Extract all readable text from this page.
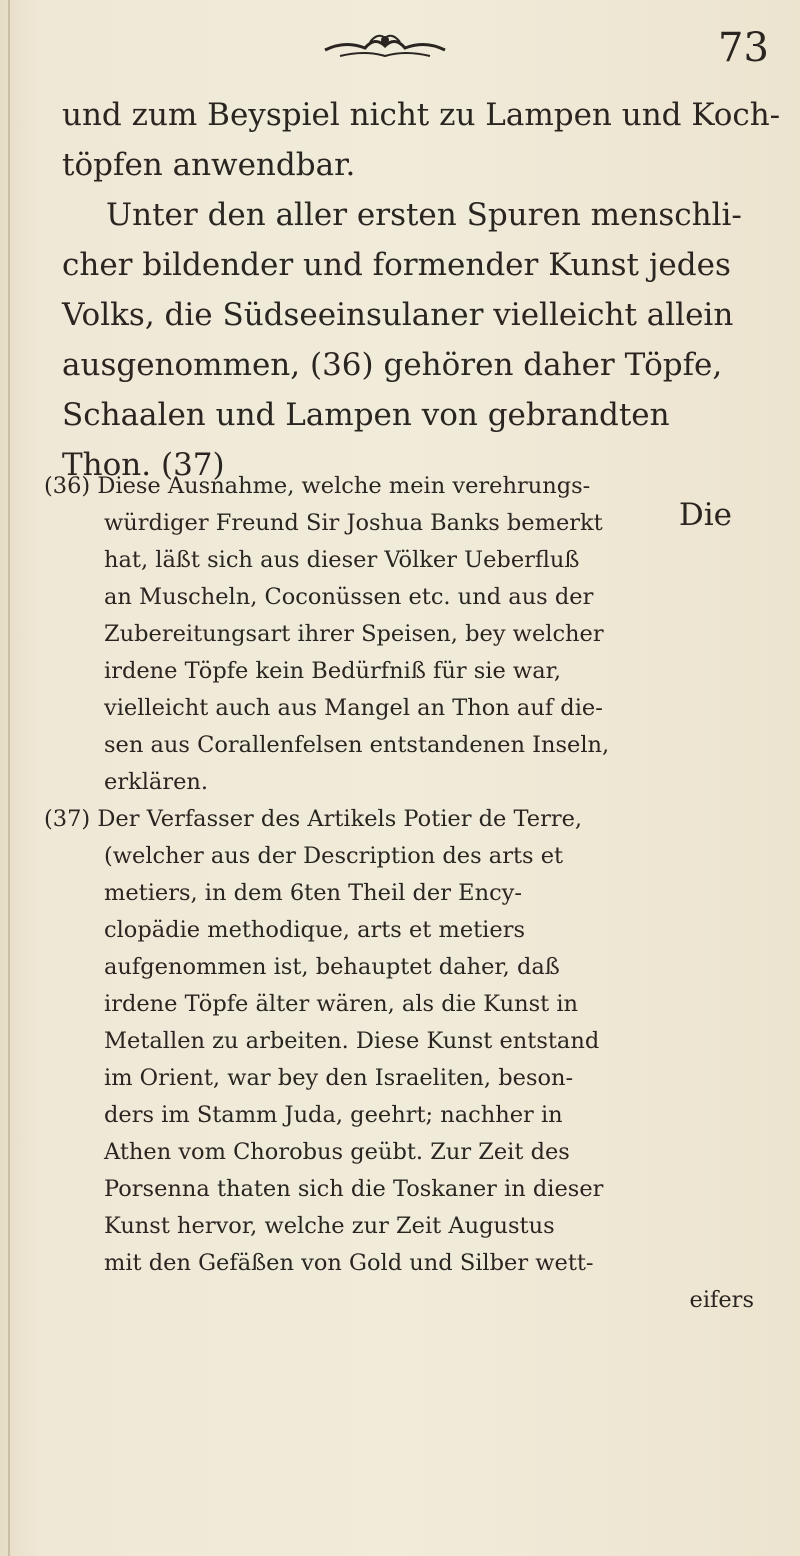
73
und zum Beyspiel nicht zu Lampen und Koch-
töpfen anwendbar.
Unter den aller ersten Spuren menschli-
cher bildender und formender Kunst jedes
Volks, die Südseeinsulaner vielleicht allein
ausgenommen, (36) gehören daher Töpfe,
Schaalen und Lampen von gebrandten
Thon. (37)
Die
(36) Diese Ausnahme, welche mein verehrungs-
würdiger Freund Sir Joshua Banks bemerkt
hat, läßt sich aus dieser Völker Ueberfluß
an Muscheln, Coconüssen etc. und aus der
Zubereitungsart ihrer Speisen, bey welcher
irdene Töpfe kein Bedürfniß für sie war,
vielleicht auch aus Mangel an Thon auf die-
sen aus Corallenfelsen entstandenen Inseln,
erklären.
(37) Der Verfasser des Artikels Potier de Terre,
(welcher aus der Description des arts et
metiers, in dem 6ten Theil der Ency-
clopädie methodique, arts et metiers
aufgenommen ist, behauptet daher, daß
irdene Töpfe älter wären, als die Kunst in
Metallen zu arbeiten. Diese Kunst entstand
im Orient, war bey den Israeliten, beson-
ders im Stamm Juda, geehrt; nachher in
Athen vom Chorobus geübt. Zur Zeit des
Porsenna thaten sich die Toskaner in dieser
Kunst hervor, welche zur Zeit Augustus
mit den Gefäßen von Gold und Silber wett-
eifers
